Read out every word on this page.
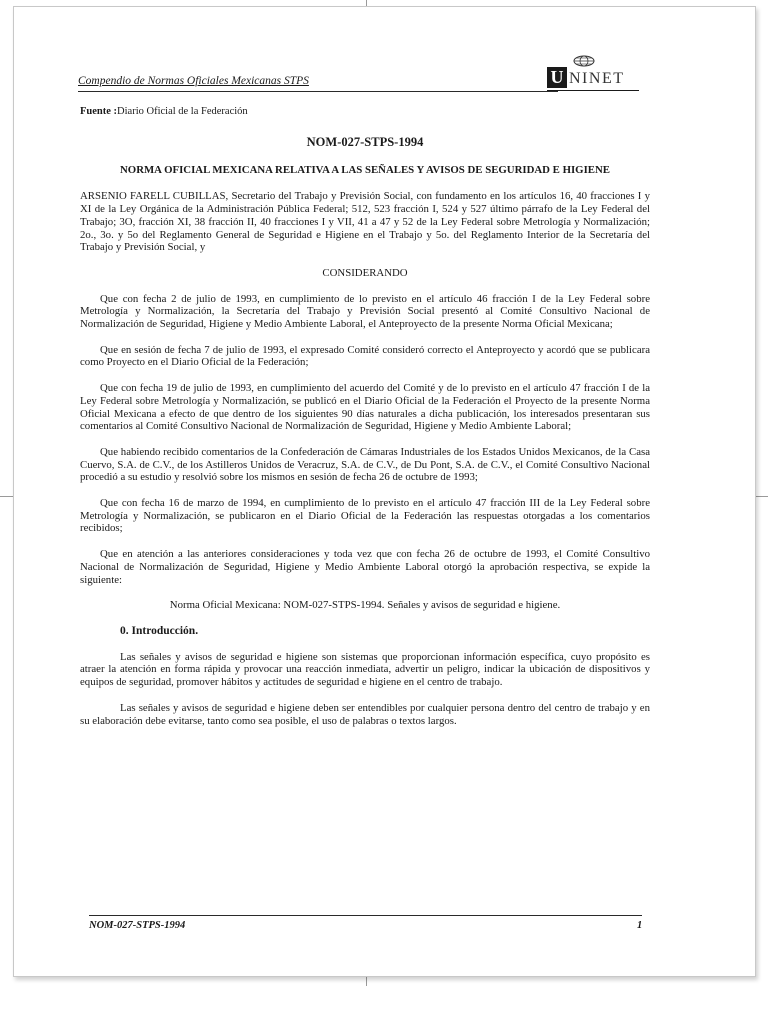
Compendio de Normas Oficiales Mexicanas STPS	U NINET
Fuente :Diario Oficial de la Federación
NOM-027-STPS-1994
NORMA OFICIAL MEXICANA RELATIVA A LAS SEÑALES Y AVISOS DE SEGURIDAD E HIGIENE

ARSENIO FARELL CUBILLAS, Secretario del Trabajo y Previsión Social, con fundamento en los artículos 16, 40 fracciones I y XI de la Ley Orgánica de la Administración Pública Federal; 512, 523 fracción I, 524 y 527 último párrafo de la Ley Federal del Trabajo; 3O, fracción XI, 38 fracción II, 40 fracciones I y VII, 41 a 47 y 52 de la Ley Federal sobre Metrología y Normalización; 2o., 3o. y 5o del Reglamento General de Seguridad e Higiene en el Trabajo y 5o. del Reglamento Interior de la Secretaría del Trabajo y Previsión Social, y

CONSIDERANDO

Que con fecha 2 de julio de 1993, en cumplimiento de lo previsto en el artículo 46 fracción I de la Ley Federal sobre Metrología y Normalización, la Secretaría del Trabajo y Previsión Social presentó al Comité Consultivo Nacional de Normalización de Seguridad, Higiene y Medio Ambiente Laboral, el Anteproyecto de la presente Norma Oficial Mexicana;

Que en sesión de fecha 7 de julio de 1993, el expresado Comité consideró correcto el Anteproyecto y acordó que se publicara como Proyecto en el Diario Oficial de la Federación;

Que con fecha 19 de julio de 1993, en cumplimiento del acuerdo del Comité y de lo previsto en el artículo 47 fracción I de la Ley Federal sobre Metrología y Normalización, se publicó en el Diario Oficial de la Federación el Proyecto de la presente Norma Oficial Mexicana a efecto de que dentro de los siguientes 90 días naturales a dicha publicación, los interesados presentaran sus comentarios al Comité Consultivo Nacional de Normalización de Seguridad, Higiene y Medio Ambiente Laboral;

Que habiendo recibido comentarios de la Confederación de Cámaras Industriales de los Estados Unidos Mexicanos, de la Casa Cuervo, S.A. de C.V., de los Astilleros Unidos de Veracruz, S.A. de C.V., de Du Pont, S.A. de C.V., el Comité Consultivo Nacional procedió a su estudio y resolvió sobre los mismos en sesión de fecha 26 de octubre de 1993;

Que con fecha 16 de marzo de 1994, en cumplimiento de lo previsto en el artículo 47 fracción III de la Ley Federal sobre Metrología y Normalización, se publicaron en el Diario Oficial de la Federación las respuestas otorgadas a los comentarios recibidos;

Que en atención a las anteriores consideraciones y toda vez que con fecha 26 de octubre de 1993, el Comité Consultivo Nacional de Normalización de Seguridad, Higiene y Medio Ambiente Laboral otorgó la aprobación respectiva, se expide la siguiente:

Norma Oficial Mexicana: NOM-027-STPS-1994. Señales y avisos de seguridad e higiene.
0. Introducción.

Las señales y avisos de seguridad e higiene son sistemas que proporcionan información específica, cuyo propósito es atraer la atención en forma rápida y provocar una reacción inmediata, advertir un peligro, indicar la ubicación de dispositivos y equipos de seguridad, promover hábitos y actitudes de seguridad e higiene en el centro de trabajo.

Las señales y avisos de seguridad e higiene deben ser entendibles por cualquier persona dentro del centro de trabajo y en su elaboración debe evitarse, tanto como sea posible, el uso de palabras o textos largos.

NOM-027-STPS-1994	1
